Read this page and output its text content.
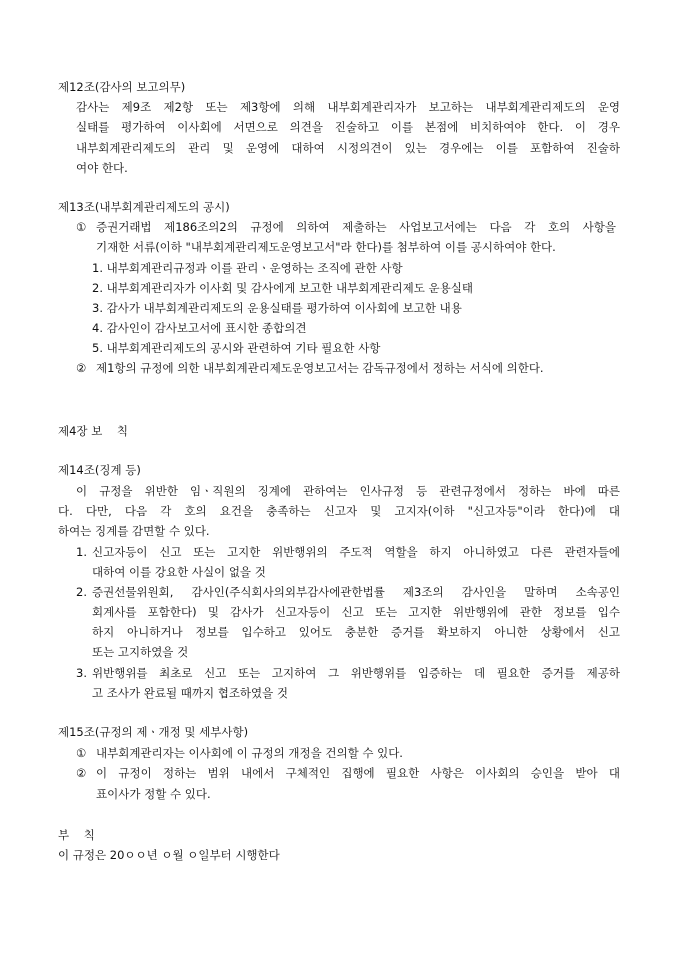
제12조(감사의 보고의무)
감사는 제9조 제2항 또는 제3항에 의해 내부회계관리자가 보고하는 내부회계관리제도의 운영
실태를 평가하여 이사회에 서면으로 의견을 진술하고 이를 본점에 비치하여야 한다. 이 경우
내부회계관리제도의 관리 및 운영에 대하여 시정의견이 있는 경우에는 이를 포함하여 진술하
여야 한다.
제13조(내부회계관리제도의 공시)
① 증권거래법 제186조의2의 규정에 의하여 제출하는 사업보고서에는 다음 각 호의 사항을
기재한 서류(이하 "내부회계관리제도운영보고서"라 한다)를 첨부하여 이를 공시하여야 한다.
1. 내부회계관리규정과 이를 관리ㆍ운영하는 조직에 관한 사항
2. 내부회계관리자가 이사회 및 감사에게 보고한 내부회계관리제도 운용실태
3. 감사가 내부회계관리제도의 운용실태를 평가하여 이사회에 보고한 내용
4. 감사인이 감사보고서에 표시한 종합의견
5. 내부회계관리제도의 공시와 관련하여 기타 필요한 사항
② 제1항의 규정에 의한 내부회계관리제도운영보고서는 감독규정에서 정하는 서식에 의한다.
제4장 보    칙
제14조(징계 등)
이 규정을 위반한 임ㆍ직원의 징계에 관하여는 인사규정 등 관련규정에서 정하는 바에 따른
다. 다만, 다음 각 호의 요건을 충족하는 신고자 및 고지자(이하 "신고자등"이라 한다)에 대
하여는 징계를 감면할 수 있다.
1. 신고자등이 신고 또는 고지한 위반행위의 주도적 역할을 하지 아니하였고 다른 관련자들에
대하여 이를 강요한 사실이 없을 것
2. 증권선물위원회, 감사인(주식회사의외부감사에관한법률 제3조의 감사인을 말하며 소속공인
회계사를 포함한다) 및 감사가 신고자등이 신고 또는 고지한 위반행위에 관한 정보를 입수
하지 아니하거나 정보를 입수하고 있어도 충분한 증거를 확보하지 아니한 상황에서 신고
또는 고지하였을 것
3. 위반행위를 최초로 신고 또는 고지하여 그 위반행위를 입증하는 데 필요한 증거를 제공하
고 조사가 완료될 때까지 협조하였을 것
제15조(규정의 제ㆍ개정 및 세부사항)
① 내부회계관리자는 이사회에 이 규정의 개정을 건의할 수 있다.
② 이 규정이 정하는 범위 내에서 구체적인 집행에 필요한 사항은 이사회의 승인을 받아 대
표이사가 정할 수 있다.
부    칙
이 규정은 20ㅇㅇ년 ㅇ월 ㅇ일부터 시행한다
